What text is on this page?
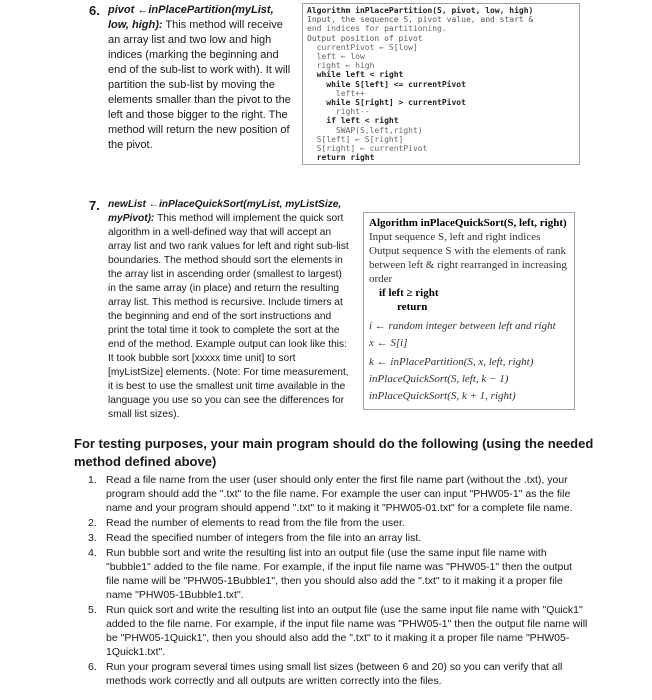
6. pivot ←inPlacePartition(myList, low, high): This method will receive an array list and two low and high indices (marking the beginning and end of the sub-list to work with). It will partition the sub-list by moving the elements smaller than the pivot to the left and those bigger to the right. The method will return the new position of the pivot.

Algorithm inPlacePartition(S, pivot, low, high)
Input, the sequence S, pivot value, and start &
end indices for partitioning.
Output position of pivot
currentPivot ← S[low]
left ← low
right ← high
while left < right
while S[left] <= currentPivot
left++
while S[right] > currentPivot
right--
if left < right
SWAP(S,left,right)
S[left] ← S[right]
S[right] ← currentPivot
return right
7. newList ←inPlaceQuickSort(myList, myListSize, myPivot): This method will implement the quick sort algorithm in a well-defined way that will accept an array list and two rank values for left and right sub-list boundaries. The method should sort the elements in the array list in ascending order (smallest to largest) in the same array (in place) and return the resulting array list. This method is recursive. Include timers at the beginning and end of the sort instructions and print the total time it took to complete the sort at the end of the method. Example output can look like this: It took bubble sort [xxxxx time unit] to sort [myListSize] elements. (Note: For time measurement, it is best to use the smallest unit time available in the language you use so you can see the differences for small list sizes).

Algorithm inPlaceQuickSort(S, left, right)
Input sequence S, left and right indices
Output sequence S with the elements of rank between left & right rearranged in increasing order
if left ≥ right
return
i ← random integer between left and right
x ← S[i]
k ← inPlacePartition(S, x, left, right)
inPlaceQuickSort(S, left, k − 1)
inPlaceQuickSort(S, k + 1, right)

For testing purposes, your main program should do the following (using the needed method defined above)

1. Read a file name from the user (user should only enter the first file name part (without the .txt), your program should add the ".txt" to the file name. For example the user can input "PHW05-1" as the file name and your program should append ".txt" to it making it "PHW05-01.txt" for a complete file name.
2. Read the number of elements to read from the file from the user.
3. Read the specified number of integers from the file into an array list.
4. Run bubble sort and write the resulting list into an output file (use the same input file name with "bubble1" added to the file name. For example, if the input file name was "PHW05-1" then the output file name will be "PHW05-1Bubble1", then you should also add the ".txt" to it making it a proper file name "PHW05-1Bubble1.txt".
5. Run quick sort and write the resulting list into an output file (use the same input file name with "Quick1" added to the file name. For example, if the input file name was "PHW05-1" then the output file name will be "PHW05-1Quick1", then you should also add the ".txt" to it making it a proper file name "PHW05-1Quick1.txt".
6. Run your program several times using small list sizes (between 6 and 20) so you can verify that all methods work correctly and all outputs are written correctly into the files.
